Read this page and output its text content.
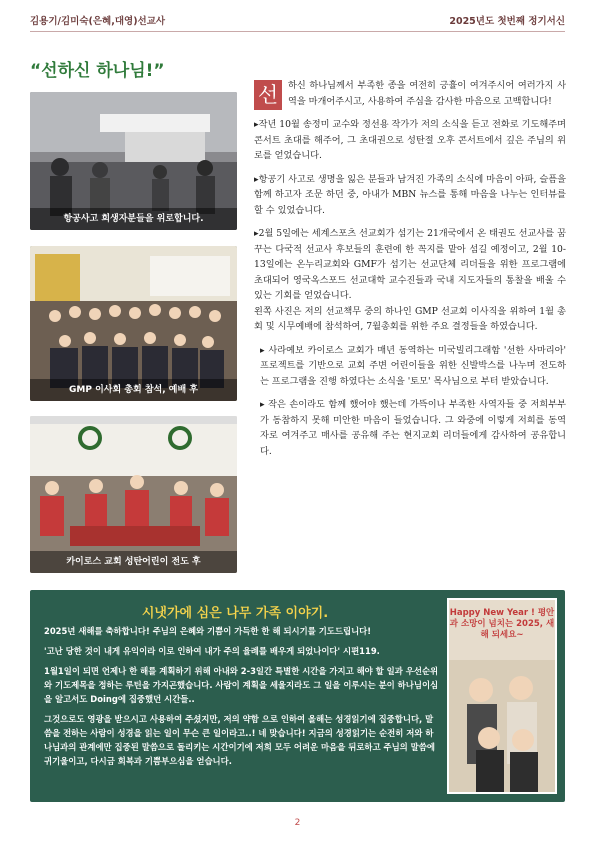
김용기/김미숙(은혜,대영)선교사	2025년도 첫번째 정기서신
“선하신 하나님!”
항공사고 희생자분들을 위로합니다.
GMP 이사회 총회 참석, 예배 후
카이로스 교회 성탄어린이 전도 후
선	하신 하나님께서 부족한 종을 여전히 긍휼이 여겨주시어 여러가지 사역을 마개어주시고, 사용하여 주심을 감사한 마음으로 고백합니다!
▸작년 10월 송정미 교수와 정선용 작가가 저의 소식을 듣고 전화로 기도해주며 콘서트 초대를 해주어, 그 초대권으로 성탄절 오후 콘서트에서 깊은 주님의 위로를 얻었습니다.
▸항공기 사고로 생명을 잃은 분들과 남겨진 가족의 소식에 마음이 아파, 슬픔을 함께 하고자 조문 하던 중, 아내가 MBN 뉴스를 통해 마음을 나누는 인터뷰를 할 수 있었습니다.
▸2월 5일에는 세계스포츠 선교회가 섬기는 21개국에서 온 태권도 선교사를 꿈꾸는 다국적 선교사 후보들의 훈련에 한 꼭지를 맡아 섬길 예정이고, 2월 10-13일에는 온누리교회와 GMF가 섬기는 선교단체 리더들을 위한 프로그램에 초대되어 영국옥스포드 선교대학 교수진들과 국내 지도자들의 통찰을 배울 수 있는 기회를 얻었습니다.
왼쪽 사진은 저의 선교책무 중의 하나인 GMP 선교회 이사직을 위하여 1월 총회 및 시무예배에 참석하여, 7월총회를 위한 주요 결정들을 하였습니다.
▸ 사라예보 카이로스 교회가 매년 동역하는 미국빌리그래함 '선한 사마리아' 프로젝트를 기반으로 교회 주변 어린이들을 위한 신발박스를 나누며 전도하는 프로그램을 진행 하였다는 소식을 '토모' 목사님으로 부터 받았습니다.
▸ 작은 손이라도 함께 했어야 했는데 가뜩이나 부족한 사역자들 중 저희부부가 동참하지 못해 미안한 마음이 들었습니다. 그 와중에 이렇게 저희를 동역자로 여겨주고 매사를 공유해 주는 현지교회 리더들에게 감사하여 공유합니다.
시냇가에 심은 나무 가족 이야기.

2025년 새해를 축하합니다! 주님의 은혜와 기쁨이 가득한 한 해 되시기를 기도드립니다!

'고난 당한 것이 내게 유익이라 이로 인하여 내가 주의 율례를 배우게 되었나이다' 시편119.

1월1일이 되면 언제나 한 해를 계획하기 위해 아내와 2-3일간 특별한 시간을 가지고 해야 할 일과 우선순위와 기도제목을 정하는 루틴을 가지곤했습니다. 사람이 계획을 세울지라도 그 일을 이루시는 분이 하나님이심을 알고서도 Doing에 집중했던 시간들..

그것으로도 영광을 받으시고 사용하여 주셨지만, 저의 약함 으로 인하여 올해는 성경읽기에 집중합니다, 말씀을 전하는 사람이 성경을 읽는 일이 무슨 큰 일이라고..! 네 맞습니다! 지금의 성경읽기는 순전히 저와 하나님과의 관계에만 집중된 말씀으로 돌리키는 시간이기에 저희 모두 어려운 마음을 뒤로하고 주님의 말씀에 귀기울이고, 다시금 회복과 기쁨부으심을 얻습니다.

Happy New Year ! 평안과 소망이 넘치는 2025, 새해 되세요~
2
